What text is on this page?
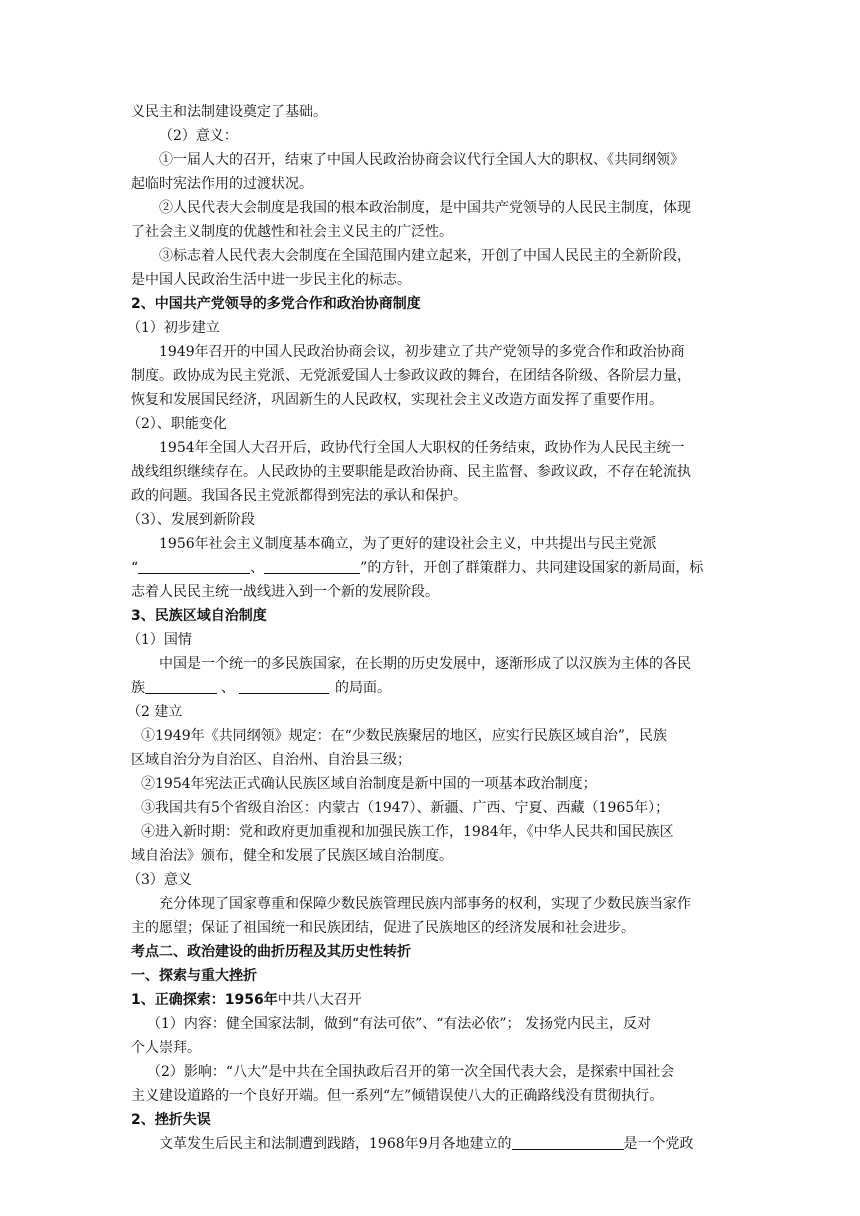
义民主和法制建设奠定了基础。
（2）意义：
①一届人大的召开，结束了中国人民政治协商会议代行全国人大的职权、《共同纲领》
起临时宪法作用的过渡状况。
②人民代表大会制度是我国的根本政治制度，是中国共产党领导的人民民主制度，体现
了社会主义制度的优越性和社会主义民主的广泛性。
③标志着人民代表大会制度在全国范围内建立起来，开创了中国人民民主的全新阶段，
是中国人民政治生活中进一步民主化的标志。
2、中国共产党领导的多党合作和政治协商制度
（1）初步建立
1949年召开的中国人民政治协商会议，初步建立了共产党领导的多党合作和政治协商
制度。政协成为民主党派、无党派爱国人士参政议政的舞台，在团结各阶级、各阶层力量，
恢复和发展国民经济，巩固新生的人民政权，实现社会主义改造方面发挥了重要作用。
（2）、职能变化
1954年全国人大召开后，政协代行全国人大职权的任务结束，政协作为人民民主统一
战线组织继续存在。人民政协的主要职能是政治协商、民主监督、参政议政，不存在轮流执
政的问题。我国各民主党派都得到宪法的承认和保护。
（3）、发展到新阶段
1956年社会主义制度基本确立，为了更好的建设社会主义，中共提出与民主党派
“	、	”的方针，开创了群策群力、共同建设国家的新局面，标
志着人民民主统一战线进入到一个新的发展阶段。
3、民族区域自治制度
（1）国情
中国是一个统一的多民族国家，在长期的历史发展中，逐渐形成了以汉族为主体的各民
族	、	的局面。
（2 建立
①1949年《共同纲领》规定：在“少数民族聚居的地区，应实行民族区域自治”，民族
区域自治分为自治区、自治州、自治县三级；
②1954年宪法正式确认民族区域自治制度是新中国的一项基本政治制度；
③我国共有5个省级自治区：内蒙古（1947）、新疆、广西、宁夏、西藏（1965年）；
④进入新时期：党和政府更加重视和加强民族工作，1984年，《中华人民共和国民族区
域自治法》颁布，健全和发展了民族区域自治制度。
（3）意义
充分体现了国家尊重和保障少数民族管理民族内部事务的权利，实现了少数民族当家作
主的愿望；保证了祖国统一和民族团结，促进了民族地区的经济发展和社会进步。
考点二、政治建设的曲折历程及其历史性转折
一、探索与重大挫折
1、正确探索：1956年中共八大召开
（1）内容：健全国家法制，做到“有法可依”、“有法必依”； 发扬党内民主，反对
个人崇拜。
（2）影响：“八大”是中共在全国执政后召开的第一次全国代表大会，是探索中国社会
主义建设道路的一个良好开端。但一系列“左”倾错误使八大的正确路线没有贯彻执行。
2、挫折失误
文革发生后民主和法制遭到践踏，1968年9月各地建立的	是一个党政
